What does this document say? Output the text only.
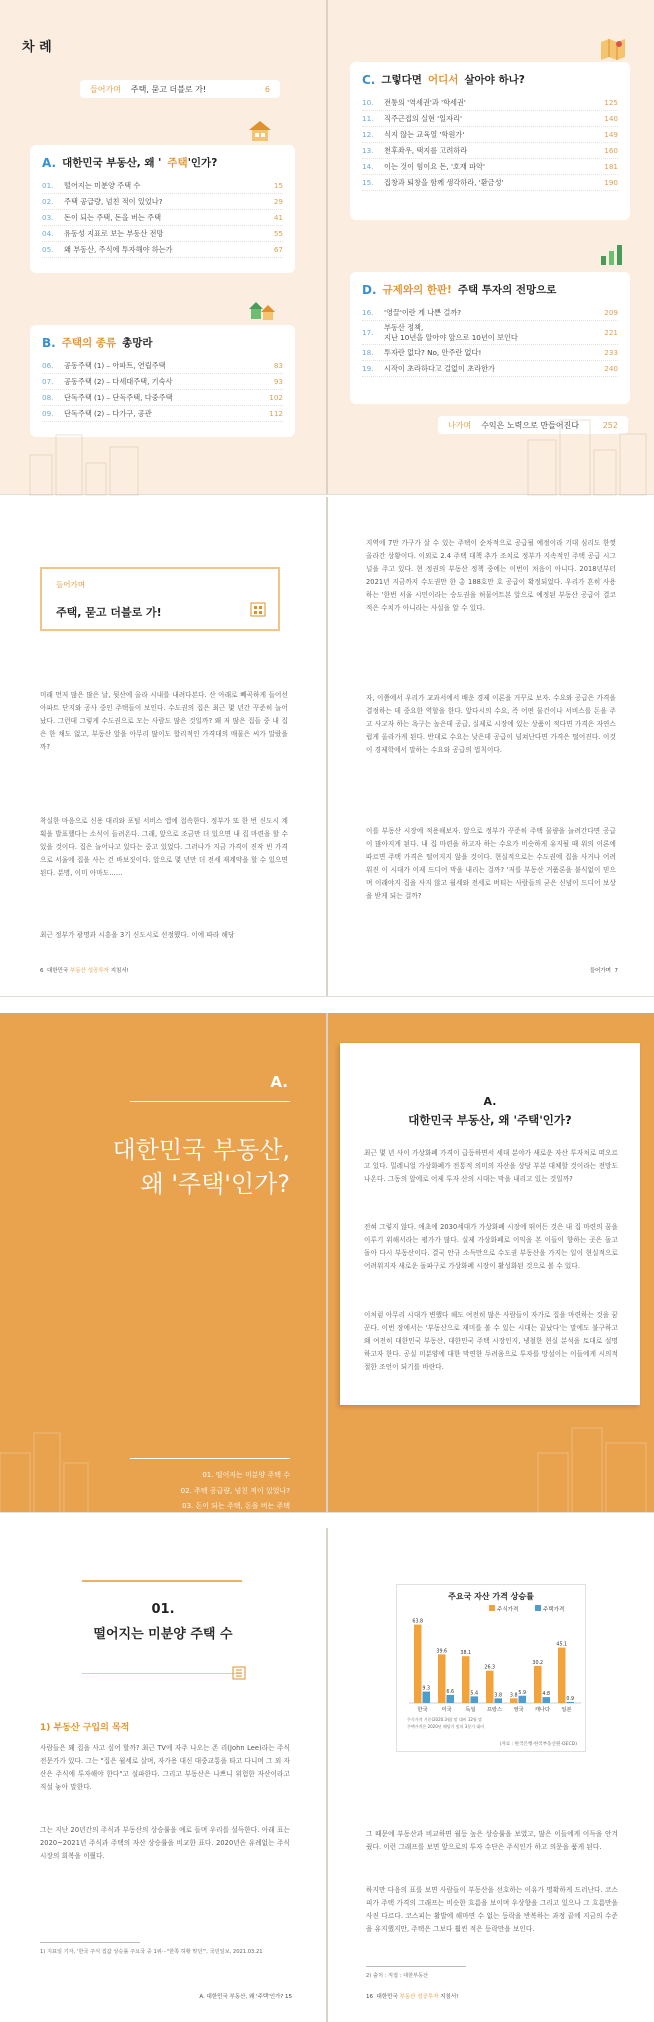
차 례
들어가며 주택, 묻고 더블로 가!	6
A. 대한민국 부동산, 왜 ' 주택 '인가?
01.	떨어지는 미분양 주택 수	15
02.	주택 공급량, 넘친 적이 있었나?	29
03.	돈이 되는 주택, 돈을 버는 주택	41
04.	유동성 지표로 보는 부동산 전망	55
05.	왜 부동산, 주식에 투자해야 하는가	67
B. 주택의 종류 총망라
06.	공동주택 (1) – 아파트, 연립주택	83
07.	공동주택 (2) – 다세대주택, 기숙사	93
08.	단독주택 (1) – 단독주택, 다중주택	102
09.	단독주택 (2) – 다가구, 공관	112
C. 그렇다면 어디서 살아야 하나?
10.	전통의 '역세권'과 '학세권'	125
11.	직주근접의 실현 '일자리'	140
12.	식지 않는 교육열 '학원가'	149
13.	천후좌우, 택지를 고려하라	160
14.	이는 것이 힘이요 돈, '호재 파악'	181
15.	집창과 퇴창을 함께 생각하라, '환금성'	190
D. 규제와의 한판! 주택 투자의 전망으로
16.	'영끌'이란 게 나쁜 걸까?	209
17.
부동산 정책,
지난 10년을 알아야 앞으로 10년이 보인다	221
18.	투자란 없다? No, 안주란 없다!	233
19.	시작이 초라하다고 걸없이 초라한가	240
나가며 수익은 노력으로 만들어진다	252
들어가며
주택, 묻고 더블로 가!

미래 먼저 많은 많은 날, 뒷산에 올라 시내를 내려다본다. 산 아래로 빼곡하게 들어선 아파트 단지와 공사 중인 주택들이 보인다. 수도권의 집은 최근 몇 년간 꾸준히 늘어났다. 그런데 그렇게 수도권으로 모는 사람도 많은 것일까? 왜 저 많은 집들 중 내 집은 한 채도 없고, 부동산 앞을 아무리 많이도 합리적인 가격대의 매물은 씨가 말랐을까?

착실한 마음으로 신용 대리와 포털 서비스 앱에 접속한다. 정부가 또 한 번 신도시 계획을 발표했다는 소식이 들려온다. 그래, 앞으로 조금만 더 있으면 내 집 마련을 할 수 있을 것이다. 집은 늘어나고 있다는 중고 있었다. 그러나가 지금 가격이 진작 빈 가격으로 서울에 집을 사는 건 바보짓이다. 앞으로 몇 년만 더 전세 재계약을 할 수 있으면 된다. 분명, 이미 아마도……

최근 정부가 광명과 시흥을 3기 신도시로 선정했다. 이에 따라 해당

6 대한민국 부동산 성공투자 지침서!

지역에 7만 가구가 살 수 있는 주택이 순차적으로 공급될 예정이라 기대 심리도 한껏 올라간 상황이다. 이외로 2.4 주택 대책 추가 조치로 정부가 지속적인 주택 공급 시그널을 주고 있다. 현 정권의 부동산 정책 중에는 이번이 처음이 아니다. 2018년부터 2021년 지금까지 수도권만 한 총 188호만 호 공급이 확정되었다. 우리가 흔히 사용하는 '한번 서울 시민이라는 승도권을 허물어트본 알으로 예정된 부동산 공급이 결코 적은 수치가 아니라는 사실을 알 수 있다.

자, 이쯤에서 우리가 교과서에서 배운 경제 이론을 거꾸로 보자. 수요와 공급은 가격을 결정하는 데 중요한 역할을 한다. 앞다시의 수요, 즉 어떤 물건이나 서비스를 돈을 주고 사고자 하는 욕구는 높은데 공급, 실제로 시장에 있는 상품이 적다면 가격은 자연스럽게 올라가게 된다. 반대로 수요는 낮은데 공급이 넘쳐난다면 가격은 떨어진다. 이것이 경제학에서 말하는 수요와 공급의 법칙이다.

이를 부동산 시장에 적용해보자. 앞으로 정부가 꾸준히 주택 물량을 늘려간다면 공급이 많아지게 된다. 내 집 마련을 하고자 하는 수요가 비슷하게 유지될 때 위의 이론에 따르면 주택 가격은 떨어지지 않을 것이다. 현실적으로는 수도권에 집을 사거나 어려워진 이 시대가 이제 드디어 막을 내리는 걸까? '저를 부동산 거품론을 불식없이 믿으며 이래야지 집을 사지 않고 월세와 전세로 버티는 사람들의 굳은 신념이 드디어 보상을 받게 되는 걸까?

들어가며 7
A.
대한민국 부동산,
왜 '주택'인가?
01. 떨어지는 미분양 주택 수
02. 주택 공급량, 넘친 적이 있었나?
03. 돈이 되는 주택, 돈을 버는 주택
04. 유동성 지표로 보는 부동산 전망
A.
대한민국 부동산, 왜 '주택'인가?

최근 몇 년 사이 가상화폐 가격이 급등하면서 세대 분야가 새로운 자산 투자처로 떠오르고 있다. 밀레니얼 가상화폐가 전통적 의미의 자산을 상당 부분 대체할 것이라는 전망도 나온다. 그동의 앞에로 어제 투자 산의 시대는 막을 내리고 있는 것일까?

전혀 그렇지 않다. 애초에 2030세대가 가상화폐 시장에 뛰어든 것은 내 집 마련의 꿈을 이루기 위해서라는 평가가 많다. 실제 가상화폐로 이익을 본 이들이 향하는 곳은 돌고 돌아 다시 부동산이다. 결국 안규 소득만으로 수도권 부동산을 가지는 일이 현실적으로 어려워지자 새로운 돌파구로 가상화폐 시장이 활성화된 것으로 볼 수 있다.

이처럼 아무리 시대가 변했다 해도 여전히 많은 사람들이 자가로 집을 마련하는 것을 꿈꾼다. 이번 장에서는 '부동산으로 재미를 볼 수 있는 시대는 끝났다'는 말에도 불구하고 왜 여전히 대한민국 부동산, 대한민국 주택 시장인지, 냉철한 현실 분석을 토대로 설명하고자 한다. 공실 미분양에 대한 막연한 두려움으로 투자를 망설이는 이들에게 시의적절한 조언이 되기를 바란다.

01.
떨어지는 미분양 주택 수
1) 부동산 구입의 목적

사람들은 왜 집을 사고 싶어 할까? 최근 TV에 자주 나오는 존 리(John Lee)라는 주식 전문가가 있다. 그는 "집은 월세로 살며, 자가용 대신 대중교통을 타고 다니며 그 외 자산은 주식에 투자해야 한다"고 설파한다. 그리고 부동산은 나쁘니 위험한 자산이라고 직설 놓아 말한다.

그는 지난 20년간의 주식과 부동산의 상승률을 예로 들며 우리를 설득한다. 아래 표는 2020~2021년 주식과 주택의 자산 상승률을 비교한 표다. 2020년은 유례없는 주식 시장의 회복을 이뤘다.

1) 지표일 기자, '한국 주식 집값 상승률 주요국 중 1위···"한쪽 허황 맞던"', 국민일보, 2021.03.21
A. 대한민국 부동산, 왜 '주택'인가? 15
주요국 자산 가격 상승률
주식가격	주택가격
63.8
9.3
한국
39.6
6.6
미국
38.1
5.4
독일
26.3
3.8
프랑스
3.8
5.9
영국
30.2
4.8
캐나다
45.1
0.9
일본
주식가격 기준(2020.3월) 말 대비 12월 말
주택가격은 2020년 해당기 및의 3분기 대비
(자료 : 한국은행·한국부동산원·OECD)

그 때문에 부동산과 비교하면 월등 높은 상승률을 보였고, 많은 이들에게 이득을 안겨줬다. 이런 그래프를 보면 앞으로의 투자 수단은 주식인가 하고 의문을 품게 된다.

하지만 다음의 표를 보면 사람들이 부동산을 선호하는 이유가 명확하게 드러난다. 코스피가 주택 가격의 그래프는 비슷한 흐름을 보이며 우상향을 그리고 있으나 그 흐름만을 사진 다르다. 코스피는 활발에 해마면 수 없는 등락을 반복하는 과정 끝에 지금의 수준을 유지했지만, 주택은 그보다 훨씬 적은 등락만을 보인다.

2) 출처 : 직접 : 대한부동산
16 대한민국 부동산 성공투자 지침서!
